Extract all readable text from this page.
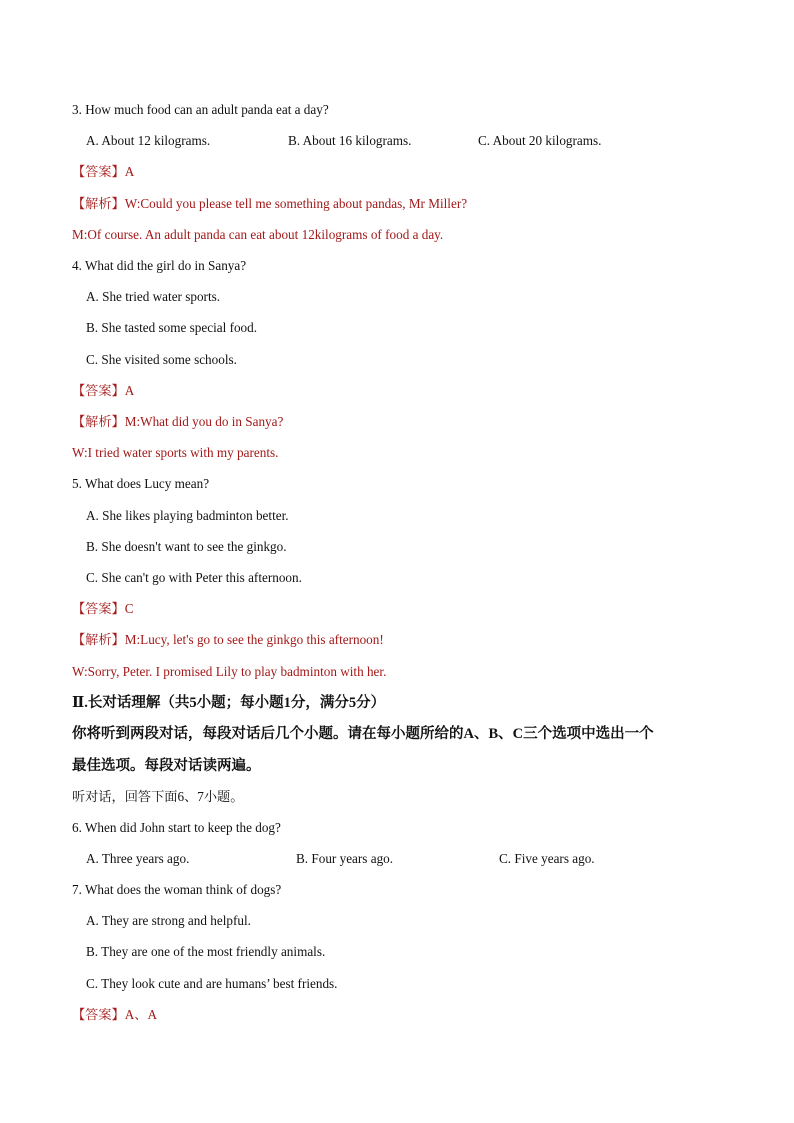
3. How much food can an adult panda eat a day?
A. About 12 kilograms.	B. About 16 kilograms.	C. About 20 kilograms.
【答案】A
【解析】W:Could you please tell me something about pandas, Mr Miller?
M:Of course. An adult panda can eat about 12kilograms of food a day.
4. What did the girl do in Sanya?
A. She tried water sports.
B. She tasted some special food.
C. She visited some schools.
【答案】A
【解析】M:What did you do in Sanya?
W:I tried water sports with my parents.
5. What does Lucy mean?
A. She likes playing badminton better.
B. She doesn't want to see the ginkgo.
C. She can't go with Peter this afternoon.
【答案】C
【解析】M:Lucy, let's go to see the ginkgo this afternoon!
W:Sorry, Peter. I promised Lily to play badminton with her.
Ⅱ.长对话理解（共5小题；每小题1分，满分5分）
你将听到两段对话，每段对话后几个小题。请在每小题所给的A、B、C三个选项中选出一个
最佳选项。每段对话读两遍。
听对话，回答下面6、7小题。
6. When did John start to keep the dog?
A. Three years ago.	B. Four years ago.	C. Five years ago.
7. What does the woman think of dogs?
A. They are strong and helpful.
B. They are one of the most friendly animals.
C. They look cute and are humans’ best friends.
【答案】A、A
